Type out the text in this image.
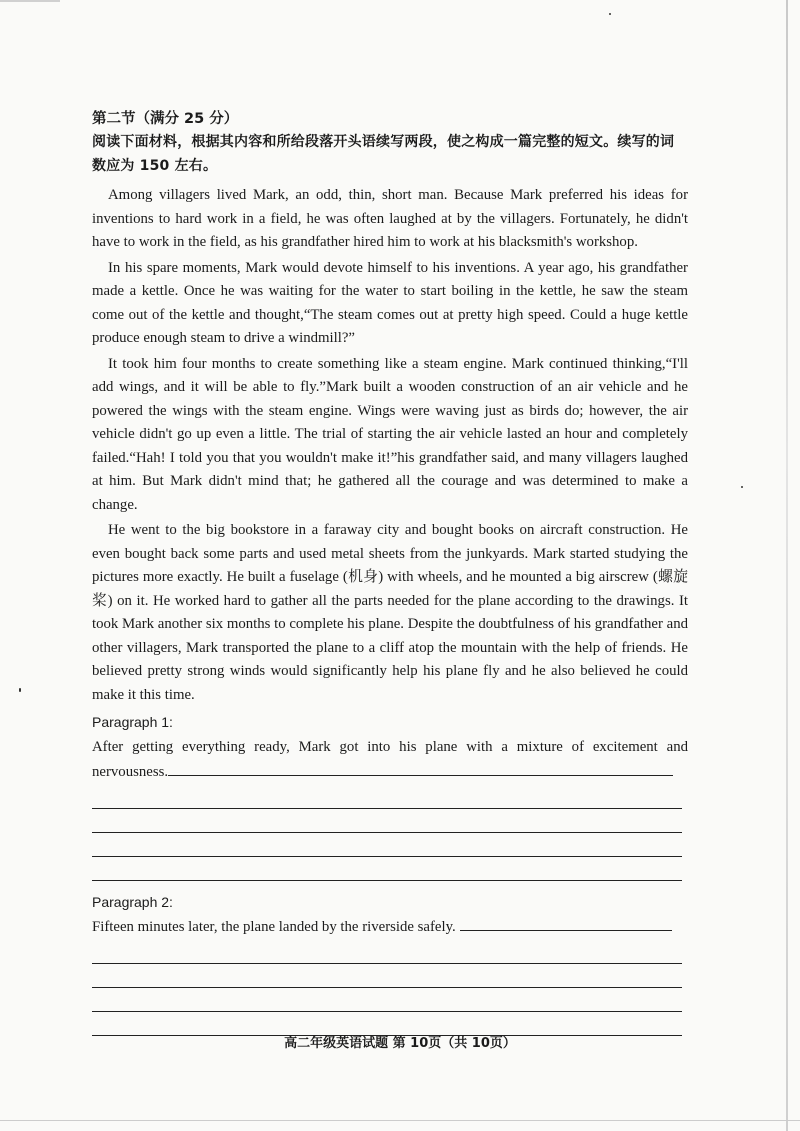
第二节（满分 25 分）

阅读下面材料，根据其内容和所给段落开头语续写两段，使之构成一篇完整的短文。续写的词数应为 150 左右。

Among villagers lived Mark, an odd, thin, short man. Because Mark preferred his ideas for inventions to hard work in a field, he was often laughed at by the villagers. Fortunately, he didn't have to work in the field, as his grandfather hired him to work at his blacksmith's workshop.

In his spare moments, Mark would devote himself to his inventions. A year ago, his grandfather made a kettle. Once he was waiting for the water to start boiling in the kettle, he saw the steam come out of the kettle and thought,“The steam comes out at pretty high speed. Could a huge kettle produce enough steam to drive a windmill?”

It took him four months to create something like a steam engine. Mark continued thinking,“I'll add wings, and it will be able to fly.”Mark built a wooden construction of an air vehicle and he powered the wings with the steam engine. Wings were waving just as birds do; however, the air vehicle didn't go up even a little. The trial of starting the air vehicle lasted an hour and completely failed.“Hah! I told you that you wouldn't make it!”his grandfather said, and many villagers laughed at him. But Mark didn't mind that; he gathered all the courage and was determined to make a change.

He went to the big bookstore in a faraway city and bought books on aircraft construction. He even bought back some parts and used metal sheets from the junkyards. Mark started studying the pictures more exactly. He built a fuselage (机身) with wheels, and he mounted a big airscrew (螺旋桨) on it. He worked hard to gather all the parts needed for the plane according to the drawings. It took Mark another six months to complete his plane. Despite the doubtfulness of his grandfather and other villagers, Mark transported the plane to a cliff atop the mountain with the help of friends. He believed pretty strong winds would significantly help his plane fly and he also believed he could make it this time.

Paragraph 1:

After getting everything ready, Mark got into his plane with a mixture of excitement and nervousness.

Paragraph 2:

Fifteen minutes later, the plane landed by the riverside safely.

高二年级英语试题 第 10页（共 10页）
